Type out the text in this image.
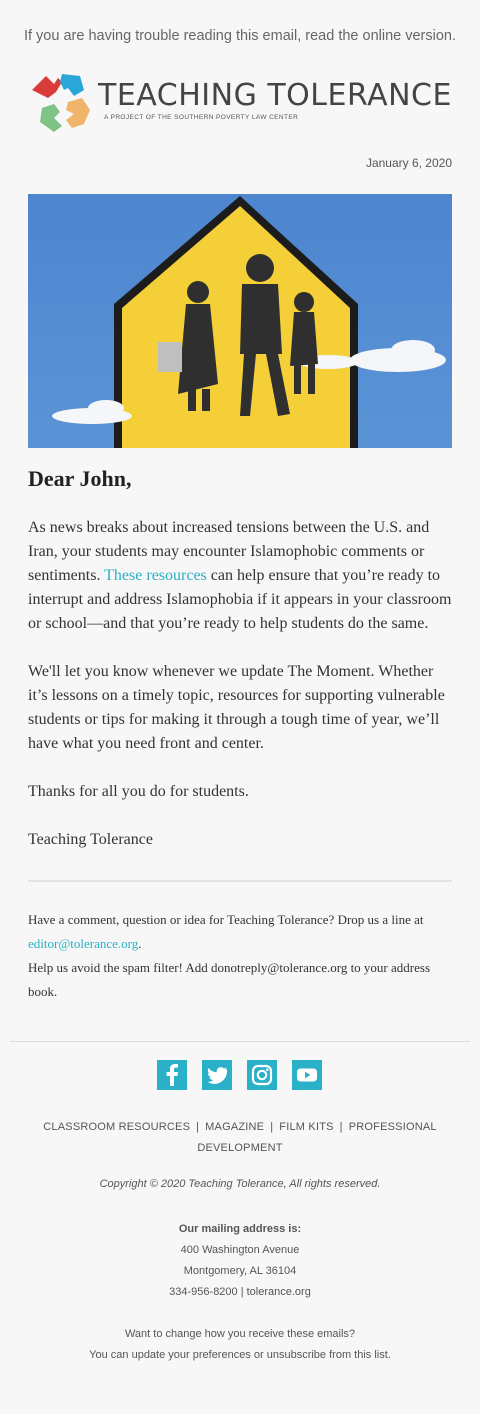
If you are having trouble reading this email, read the online version.
TEACHING TOLERANCE
A PROJECT OF THE SOUTHERN POVERTY LAW CENTER
January 6, 2020
Dear John,

As news breaks about increased tensions between the U.S. and Iran, your students may encounter Islamophobic comments or sentiments. These resources can help ensure that you’re ready to interrupt and address Islamophobia if it appears in your classroom or school—and that you’re ready to help students do the same.

We'll let you know whenever we update The Moment. Whether it’s lessons on a timely topic, resources for supporting vulnerable students or tips for making it through a tough time of year, we’ll have what you need front and center.

Thanks for all you do for students.

Teaching Tolerance

Have a comment, question or idea for Teaching Tolerance? Drop us a line at editor@tolerance.org.

Help us avoid the spam filter! Add donotreply@tolerance.org to your address book.

CLASSROOM RESOURCES | MAGAZINE | FILM KITS | PROFESSIONAL DEVELOPMENT
Copyright © 2020 Teaching Tolerance, All rights reserved.
Our mailing address is:
400 Washington Avenue
Montgomery, AL 36104
334-956-8200 | tolerance.org
Want to change how you receive these emails?
You can update your preferences or unsubscribe from this list.
